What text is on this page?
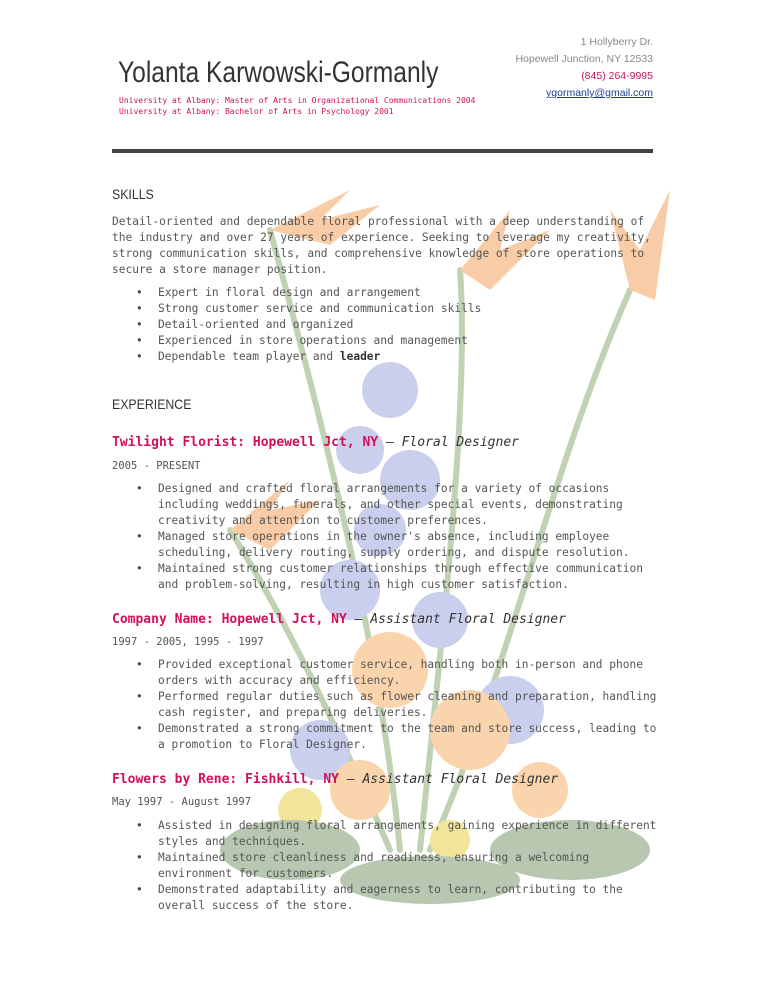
1 Hollyberry Dr.
Hopewell Junction, NY 12533
(845) 264-9995
ygormanly@gmail.com
Yolanta Karwowski-Gormanly
University at Albany: Master of Arts in Organizational Communications 2004
University at Albany: Bachelor of Arts in Psychology 2001
SKILLS
Detail-oriented and dependable floral professional with a deep understanding of the industry and over 27 years of experience. Seeking to leverage my creativity, strong communication skills, and comprehensive knowledge of store operations to secure a store manager position.
• Expert in floral design and arrangement
• Strong customer service and communication skills
• Detail-oriented and organized
• Experienced in store operations and management
• Dependable team player and leader
EXPERIENCE
Twilight Florist: Hopewell Jct, NY — Floral Designer
2005 - PRESENT
• Designed and crafted floral arrangements for a variety of occasions including weddings, funerals, and other special events, demonstrating creativity and attention to customer preferences.
• Managed store operations in the owner's absence, including employee scheduling, delivery routing, supply ordering, and dispute resolution.
• Maintained strong customer relationships through effective communication and problem-solving, resulting in high customer satisfaction.
Company Name: Hopewell Jct, NY — Assistant Floral Designer
1997 - 2005, 1995 - 1997
• Provided exceptional customer service, handling both in-person and phone orders with accuracy and efficiency.
• Performed regular duties such as flower cleaning and preparation, handling cash register, and preparing deliveries.
• Demonstrated a strong commitment to the team and store success, leading to a promotion to Floral Designer.
Flowers by Rene: Fishkill, NY — Assistant Floral Designer
May 1997 - August 1997
• Assisted in designing floral arrangements, gaining experience in different styles and techniques.
• Maintained store cleanliness and readiness, ensuring a welcoming environment for customers.
• Demonstrated adaptability and eagerness to learn, contributing to the overall success of the store.
